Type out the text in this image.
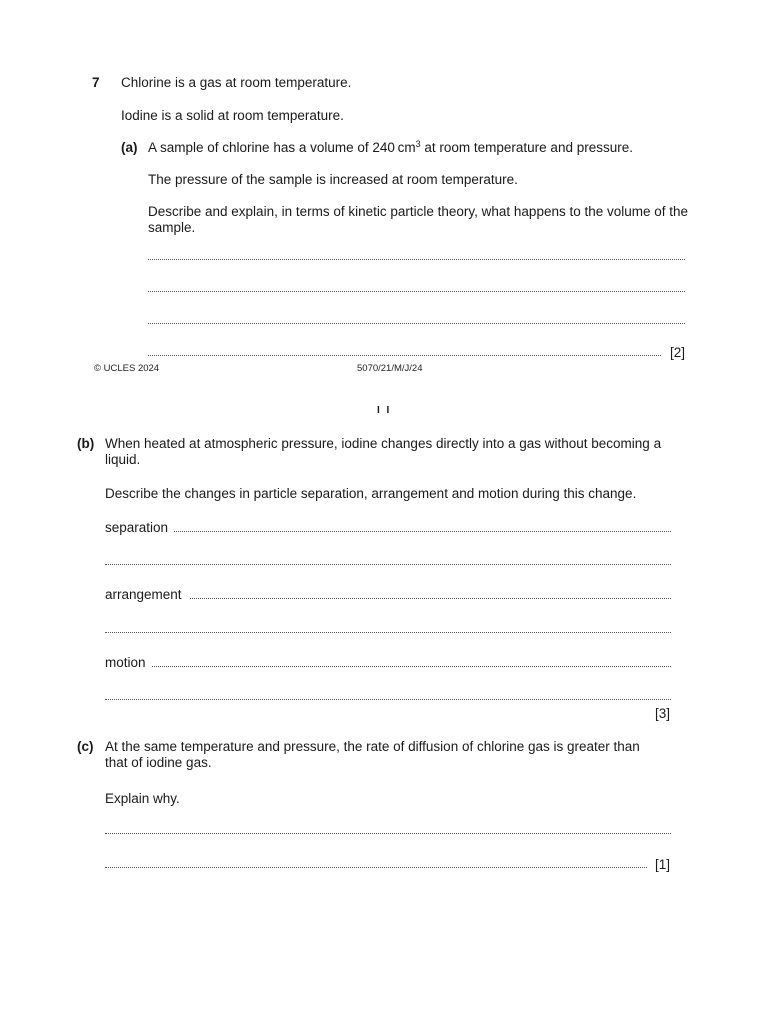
7 Chlorine is a gas at room temperature.
Iodine is a solid at room temperature.
(a) A sample of chlorine has a volume of 240 $cm^3$ at room temperature and pressure.
The pressure of the sample is increased at room temperature.
Describe and explain, in terms of kinetic particle theory, what happens to the volume of the
sample.
[2]
© UCLES 2024	5070/21/M/J/24
I I
(b) When heated at atmospheric pressure, iodine changes directly into a gas without becoming a
liquid.
Describe the changes in particle separation, arrangement and motion during this change.
separation
arrangement
motion
[3]
(c) At the same temperature and pressure, the rate of diffusion of chlorine gas is greater than
that of iodine gas.
Explain why.
[1]
